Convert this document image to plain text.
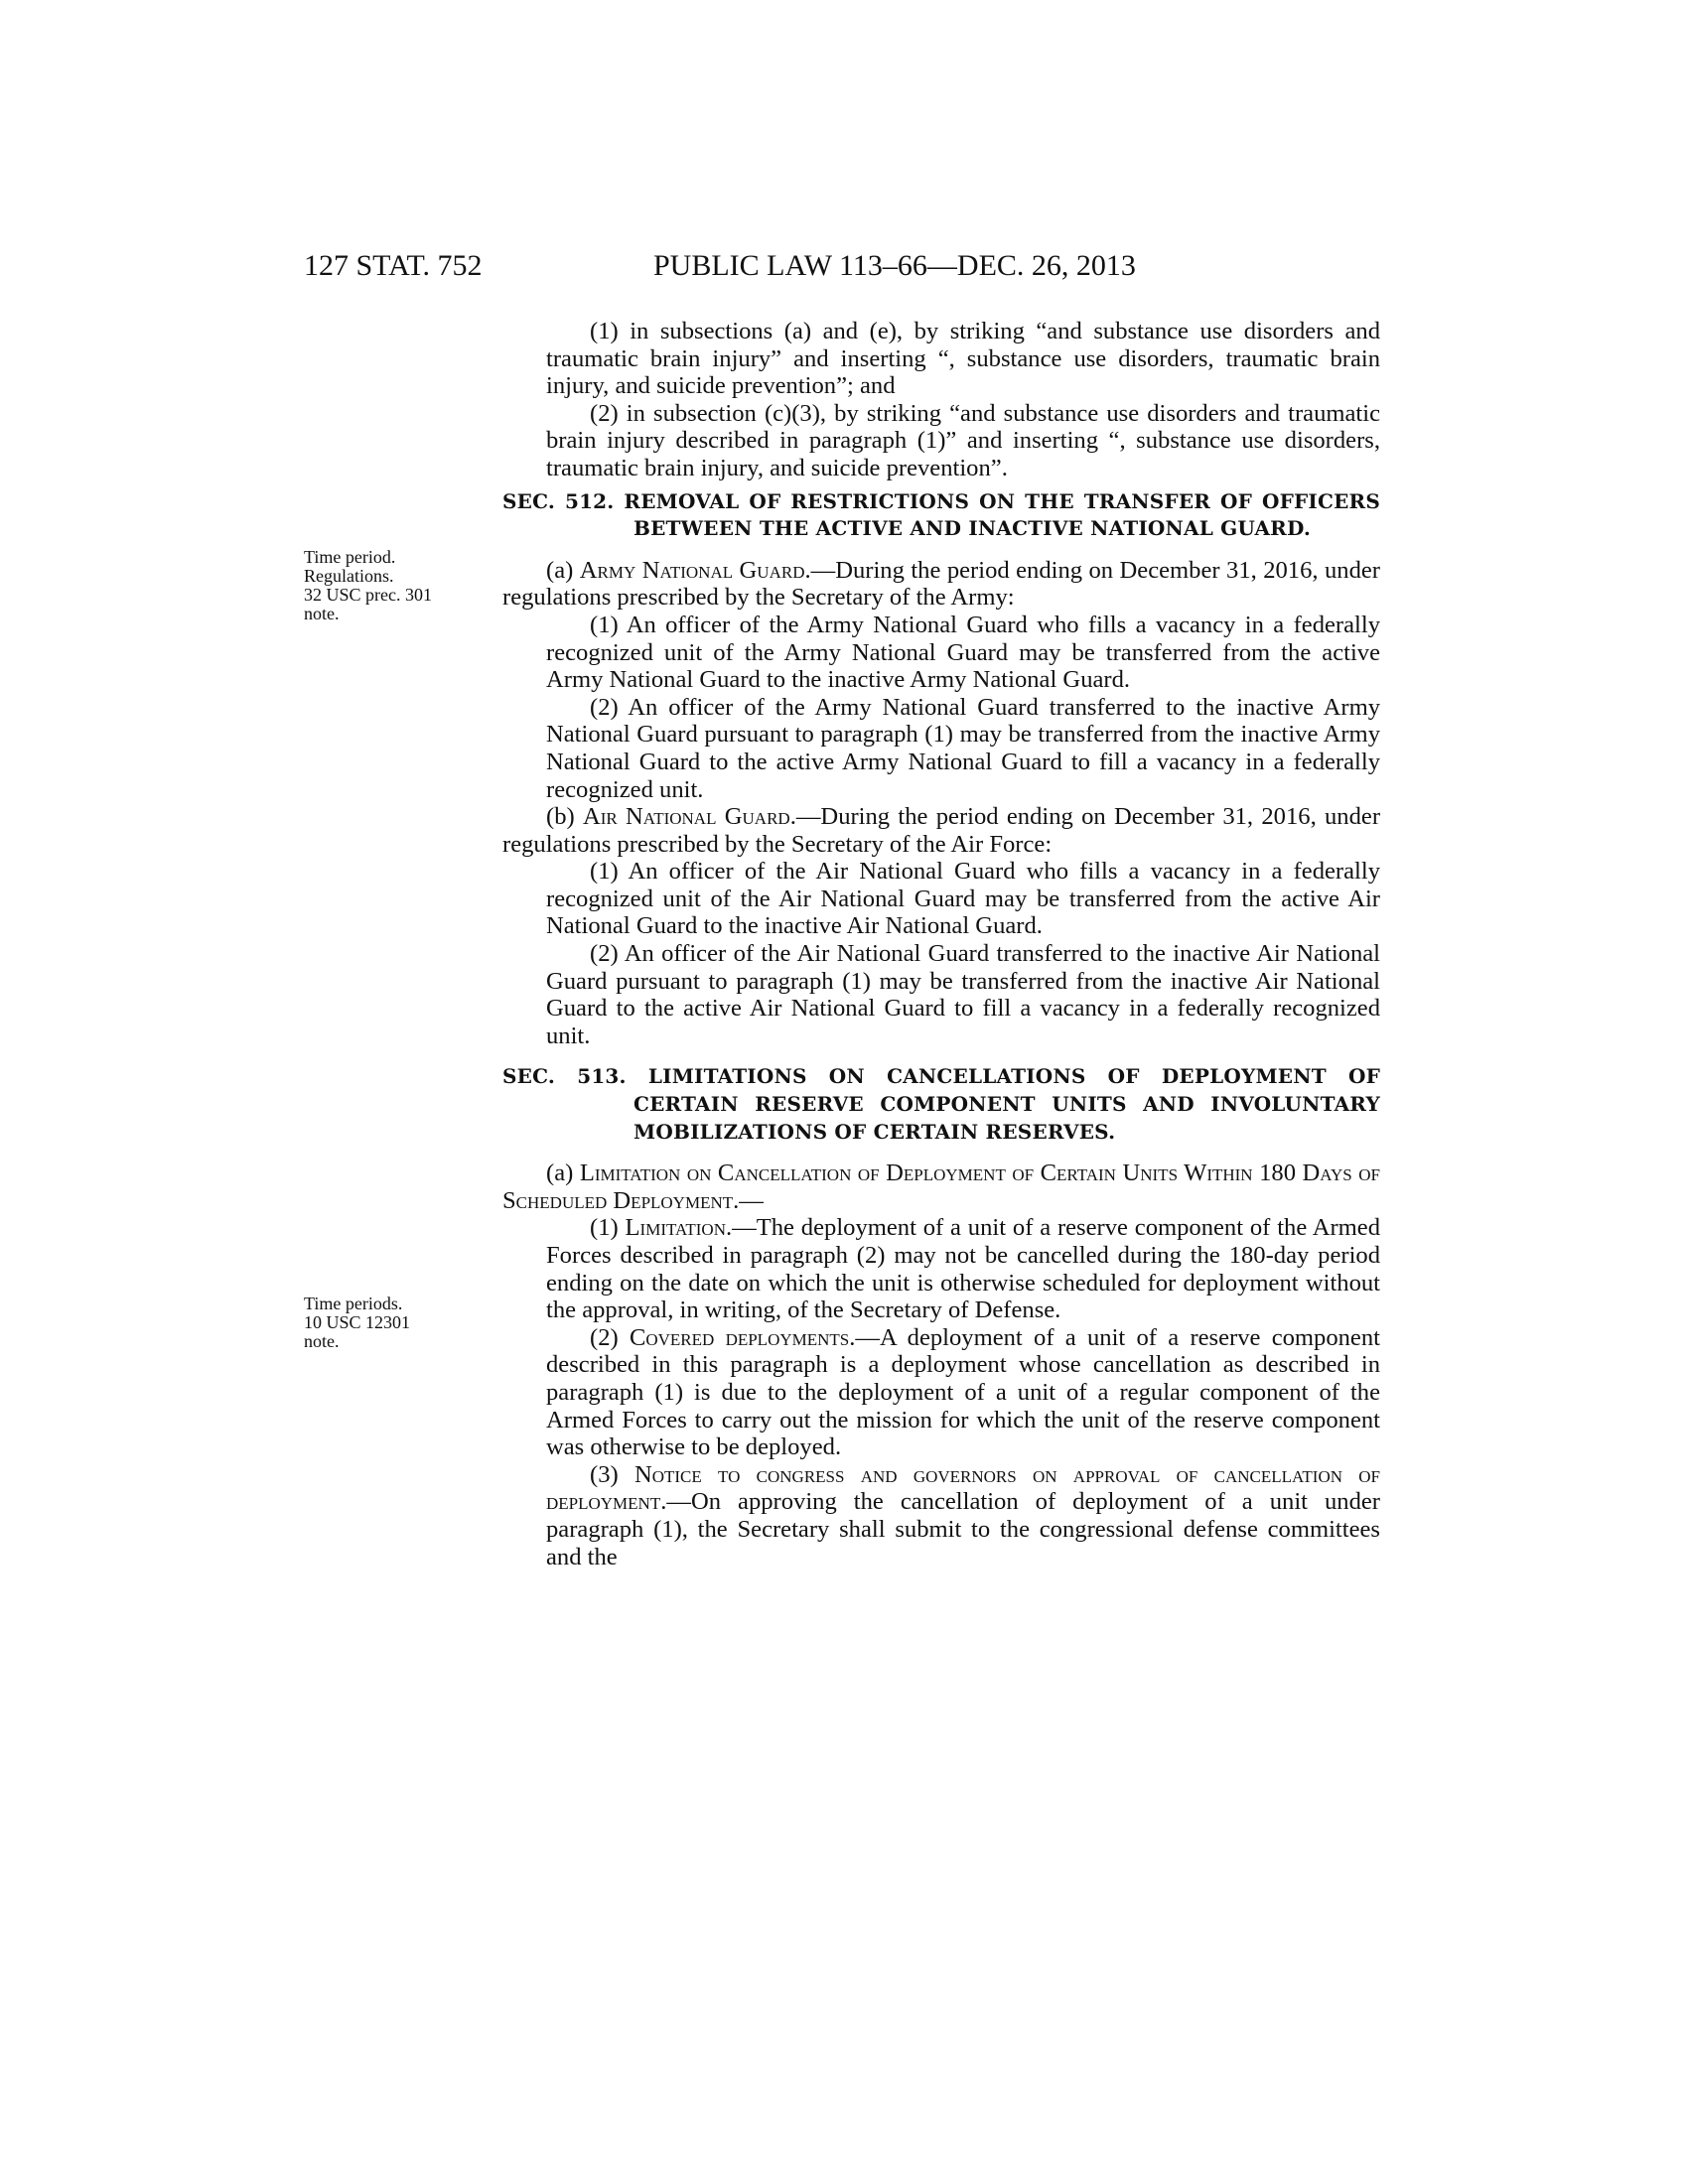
127 STAT. 752	PUBLIC LAW 113–66—DEC. 26, 2013
Time period.
Regulations.
32 USC prec. 301
note.
Time periods.
10 USC 12301
note.

(1) in subsections (a) and (e), by striking “and substance use disorders and traumatic brain injury” and inserting “, substance use disorders, traumatic brain injury, and suicide prevention”; and

(2) in subsection (c)(3), by striking “and substance use disorders and traumatic brain injury described in paragraph (1)” and inserting “, substance use disorders, traumatic brain injury, and suicide prevention”.

SEC. 512. REMOVAL OF RESTRICTIONS ON THE TRANSFER OF OFFICERS BETWEEN THE ACTIVE AND INACTIVE NATIONAL GUARD.

(a) Army National Guard.—During the period ending on December 31, 2016, under regulations prescribed by the Secretary of the Army:

(1) An officer of the Army National Guard who fills a vacancy in a federally recognized unit of the Army National Guard may be transferred from the active Army National Guard to the inactive Army National Guard.

(2) An officer of the Army National Guard transferred to the inactive Army National Guard pursuant to paragraph (1) may be transferred from the inactive Army National Guard to the active Army National Guard to fill a vacancy in a federally recognized unit.

(b) Air National Guard.—During the period ending on December 31, 2016, under regulations prescribed by the Secretary of the Air Force:

(1) An officer of the Air National Guard who fills a vacancy in a federally recognized unit of the Air National Guard may be transferred from the active Air National Guard to the inactive Air National Guard.

(2) An officer of the Air National Guard transferred to the inactive Air National Guard pursuant to paragraph (1) may be transferred from the inactive Air National Guard to the active Air National Guard to fill a vacancy in a federally recognized unit.

SEC. 513. LIMITATIONS ON CANCELLATIONS OF DEPLOYMENT OF CERTAIN RESERVE COMPONENT UNITS AND INVOLUNTARY MOBILIZATIONS OF CERTAIN RESERVES.

(a) Limitation on Cancellation of Deployment of Certain Units Within 180 Days of Scheduled Deployment.—

(1) Limitation.—The deployment of a unit of a reserve component of the Armed Forces described in paragraph (2) may not be cancelled during the 180-day period ending on the date on which the unit is otherwise scheduled for deployment without the approval, in writing, of the Secretary of Defense.

(2) Covered deployments.—A deployment of a unit of a reserve component described in this paragraph is a deployment whose cancellation as described in paragraph (1) is due to the deployment of a unit of a regular component of the Armed Forces to carry out the mission for which the unit of the reserve component was otherwise to be deployed.

(3) Notice to congress and governors on approval of cancellation of deployment.—On approving the cancellation of deployment of a unit under paragraph (1), the Secretary shall submit to the congressional defense committees and the
